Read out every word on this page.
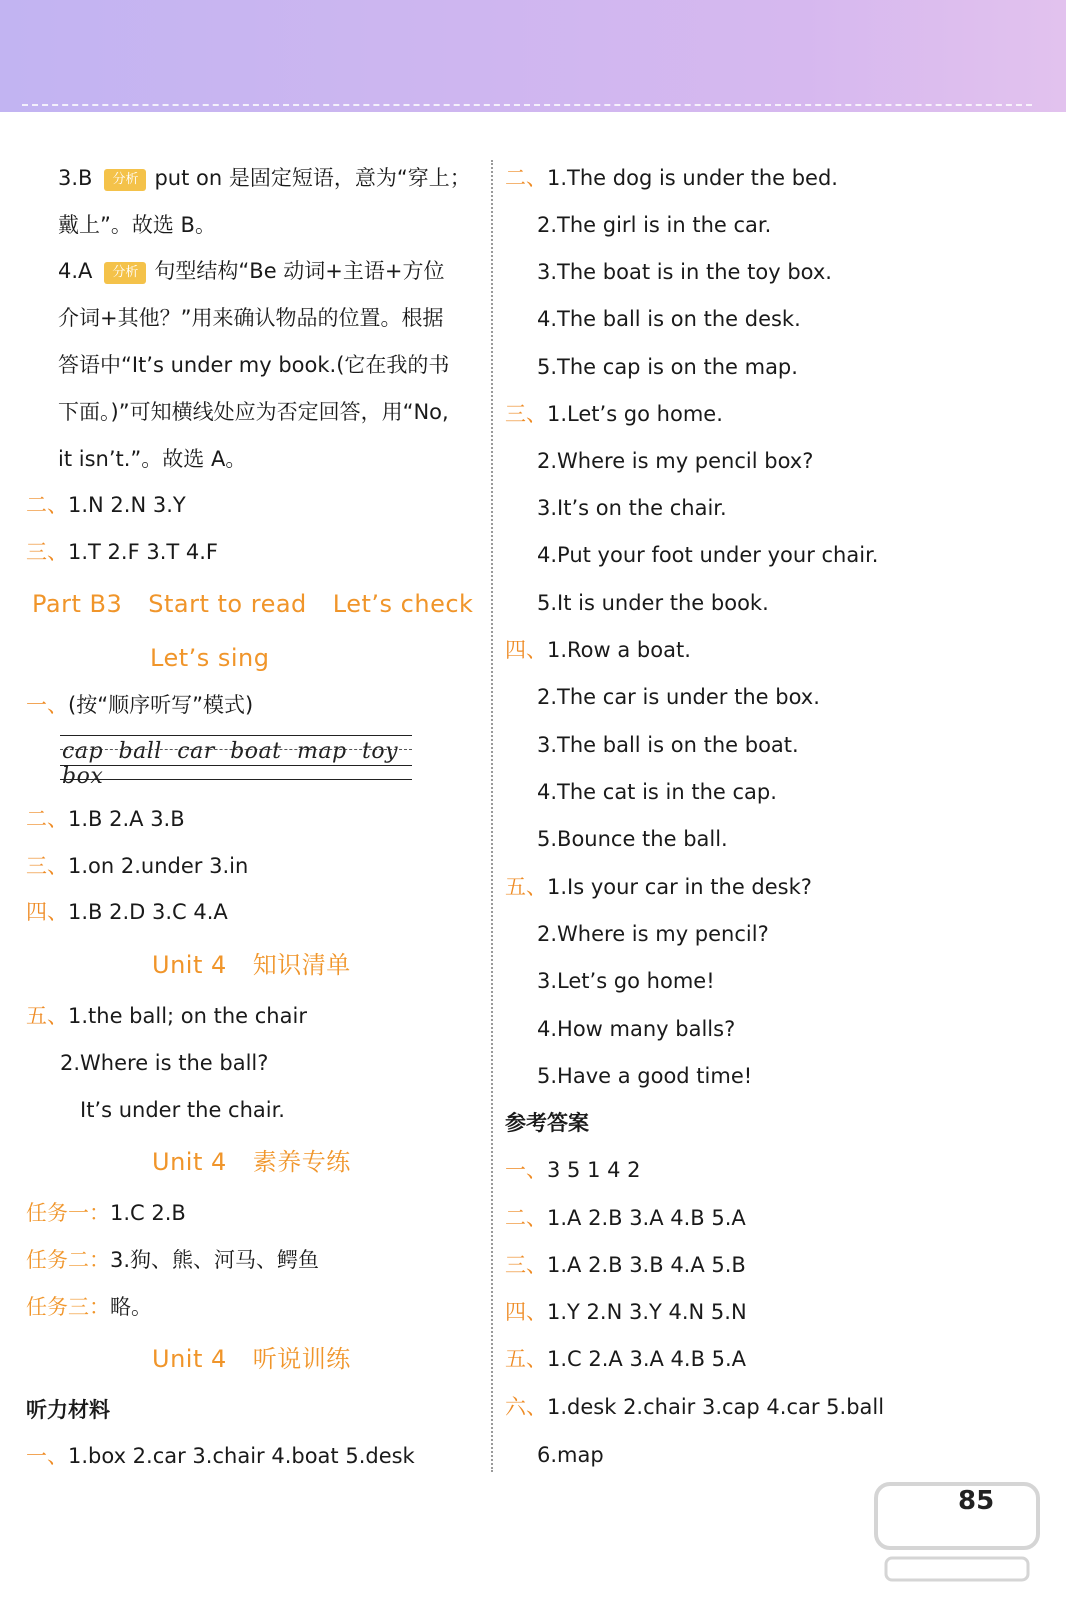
3.B 分析 put on 是固定短语，意为“穿上；
戴上”。故选 B。
4.A 分析 句型结构“Be 动词+主语+方位
介词+其他？”用来确认物品的位置。根据
答语中“It’s under my book.(它在我的书
下面。)”可知横线处应为否定回答，用“No,
it isn’t.”。故选 A。
二、1.N 2.N 3.Y
三、1.T 2.F 3.T 4.F
Part B3 Start to read Let’s check
Let’s sing
一、(按“顺序听写”模式)
cap ball car boat map toy box
二、1.B 2.A 3.B
三、1.on 2.under 3.in
四、1.B 2.D 3.C 4.A
Unit 4 知识清单
五、1.the ball; on the chair
2.Where is the ball?
It’s under the chair.
Unit 4 素养专练
任务一：1.C 2.B
任务二：3.狗、熊、河马、鳄鱼
任务三：略。
Unit 4 听说训练
听力材料
一、1.box 2.car 3.chair 4.boat 5.desk
二、1.The dog is under the bed.
2.The girl is in the car.
3.The boat is in the toy box.
4.The ball is on the desk.
5.The cap is on the map.
三、1.Let’s go home.
2.Where is my pencil box?
3.It’s on the chair.
4.Put your foot under your chair.
5.It is under the book.
四、1.Row a boat.
2.The car is under the box.
3.The ball is on the boat.
4.The cat is in the cap.
5.Bounce the ball.
五、1.Is your car in the desk?
2.Where is my pencil?
3.Let’s go home!
4.How many balls?
5.Have a good time!
参考答案
一、3 5 1 4 2
二、1.A 2.B 3.A 4.B 5.A
三、1.A 2.B 3.B 4.A 5.B
四、1.Y 2.N 3.Y 4.N 5.N
五、1.C 2.A 3.A 4.B 5.A
六、1.desk 2.chair 3.cap 4.car 5.ball
6.map
85
